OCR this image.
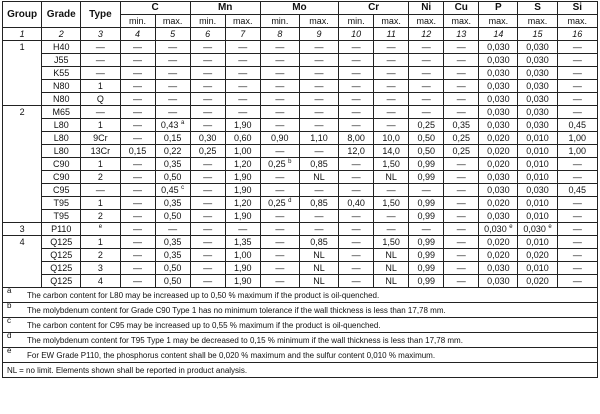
Group	Grade	Type	C		Mn		Mo		Cr		Ni	Cu	P	S	Si
			min.	max.	min.	max.	min.	max.	min.	max.	max.	max.	max.	max.	max.
1	2	3	4	5	6	7	8	9	10	11	12	13	14	15	16
1	H40	—	—	—	—	—	—	—	—	—	—	—	0,030	0,030	—
	J55	—	—	—	—	—	—	—	—	—	—	—	0,030	0,030	—
	K55	—	—	—	—	—	—	—	—	—	—	—	0,030	0,030	—
	N80	1	—	—	—	—	—	—	—	—	—	—	0,030	0,030	—
	N80	Q	—	—	—	—	—	—	—	—	—	—	0,030	0,030	—
2	M65	—	—	—	—	—	—	—	—	—	—	—	0,030	0,030	—
	L80	1	—	0,43 $^a$	—	1,90	—	—	—	—	0,25	0,35	0,030	0,030	0,45
	L80	9Cr	—	0,15	0,30	0,60	0,90	1,10	8,00	10,0	0,50	0,25	0,020	0,010	1,00
	L80	13Cr	0,15	0,22	0,25	1,00	—	—	12,0	14,0	0,50	0,25	0,020	0,010	1,00
	C90	1	—	0,35	—	1,20	0,25 $^b$	0,85	—	1,50	0,99	—	0,020	0,010	—
	C90	2	—	0,50	—	1,90	—	NL	—	NL	0,99	—	0,030	0,010	—
	C95	—	—	0,45 $^c$	—	1,90	—	—	—	—	—	—	0,030	0,030	0,45
	T95	1	—	0,35	—	1,20	0,25 $^d$	0,85	0,40	1,50	0,99	—	0,020	0,010	—
	T95	2	—	0,50	—	1,90	—	—	—	—	0,99	—	0,030	0,010	—
3	P110	$^e$	—	—	—	—	—	—	—	—	—	—	0,030 $^e$	0,030 $^e$	—
4	Q125	1	—	0,35	—	1,35	—	0,85	—	1,50	0,99	—	0,020	0,010	—
	Q125	2	—	0,35	—	1,00	—	NL	—	NL	0,99	—	0,020	0,020	—
	Q125	3	—	0,50	—	1,90	—	NL	—	NL	0,99	—	0,030	0,010	—
	Q125	4	—	0,50	—	1,90	—	NL	—	NL	0,99	—	0,030	0,020	—
a
The carbon content for L80 may be increased up to 0,50 % maximum if the product is oil-quenched.
b
The molybdenum content for Grade C90 Type 1 has no minimum tolerance if the wall thickness is less than 17,78 mm.
c
The carbon content for C95 may be increased up to 0,55 % maximum if the product is oil-quenched.
d
The molybdenum content for T95 Type 1 may be decreased to 0,15 % minimum if the wall thickness is less than 17,78 mm.
e
For EW Grade P110, the phosphorus content shall be 0,020 % maximum and the sulfur content 0,010 % maximum.
NL = no limit. Elements shown shall be reported in product analysis.
